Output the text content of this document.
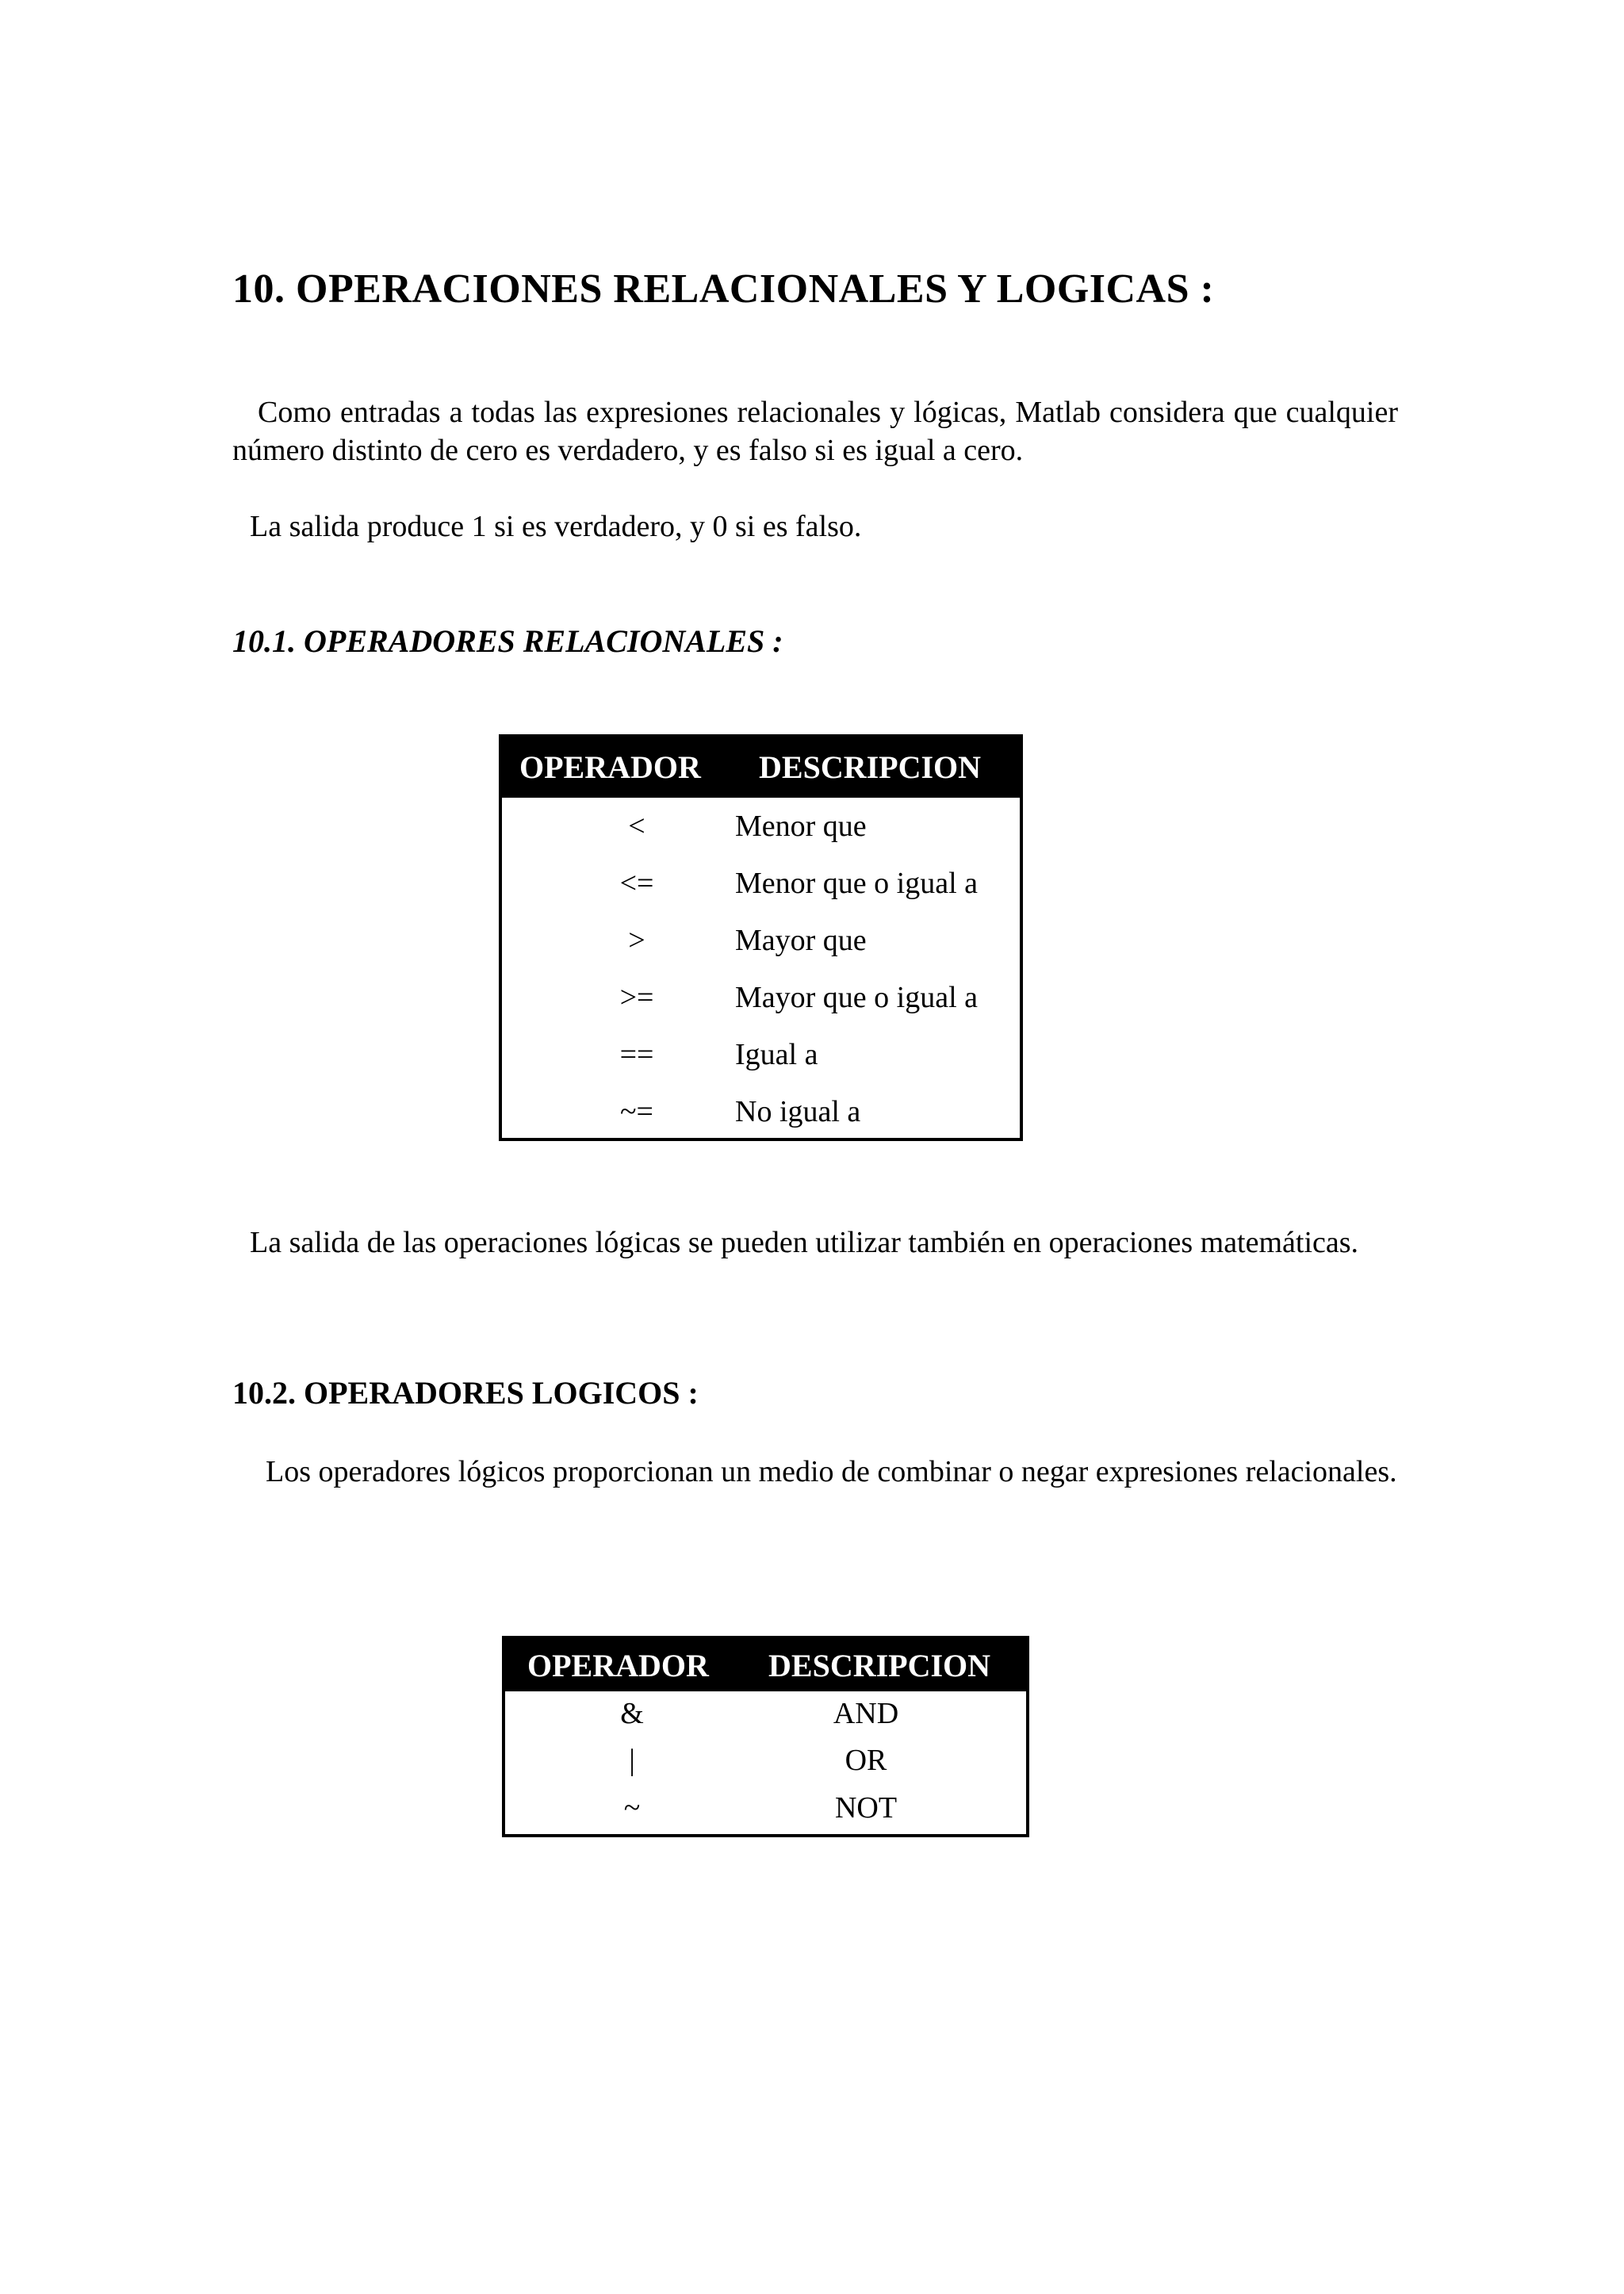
10. OPERACIONES RELACIONALES Y LOGICAS :

Como entradas a todas las expresiones relacionales y lógicas, Matlab considera que cualquier número distinto de cero es verdadero, y es falso si es igual a cero.

La salida produce 1 si es verdadero, y 0 si es falso.

10.1. OPERADORES RELACIONALES :
OPERADOR DESCRIPCION
<	Menor que
<=	Menor que o igual a
>	Mayor que
>=	Mayor que o igual a
==	Igual a
~=	No igual a

La salida de las operaciones lógicas se pueden utilizar también en operaciones matemáticas.

10.2. OPERADORES LOGICOS :

Los operadores lógicos proporcionan un medio de combinar o negar expresiones relacionales.

OPERADOR DESCRIPCION
&	AND
|	OR
~	NOT
